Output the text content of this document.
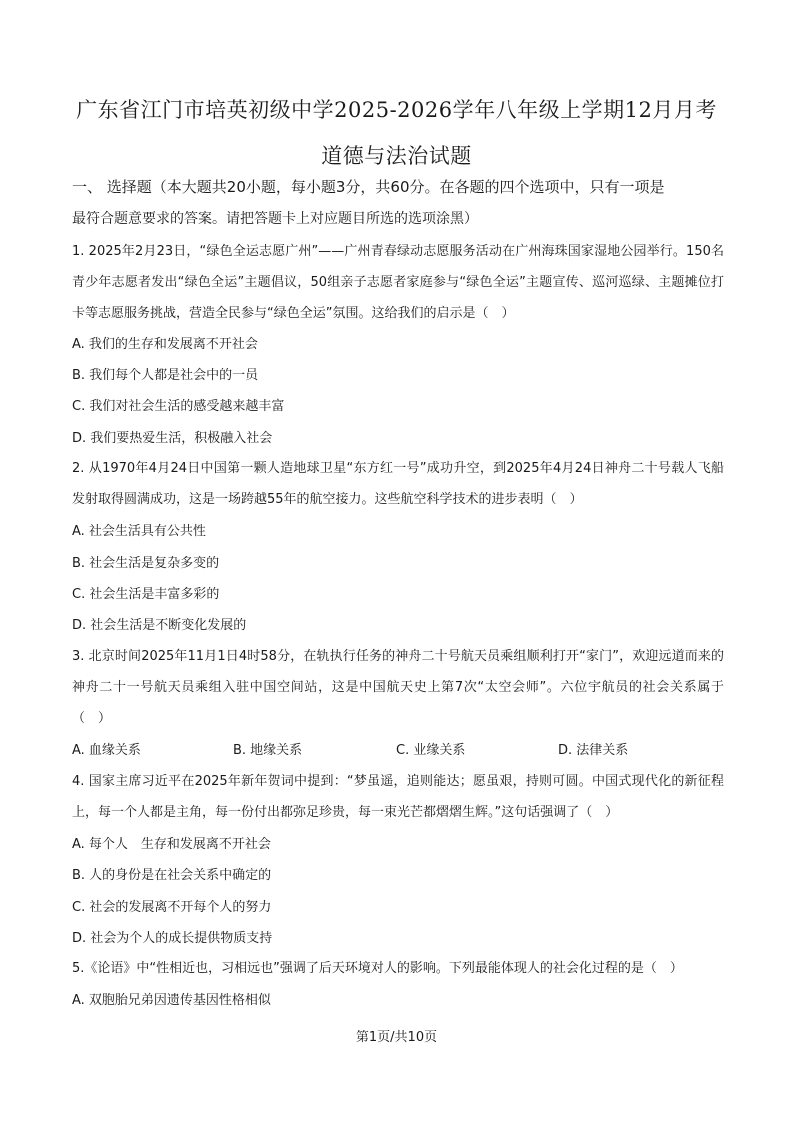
广东省江门市培英初级中学2025-2026学年八年级上学期12月月考
道德与法治试题
一、 选择题（本大题共20小题，每小题3分，共60分。在各题的四个选项中，只有一项是
最符合题意要求的答案。请把答题卡上对应题目所选的选项涂黑）
1. 2025年2月23日，“绿色全运志愿广州”——广州青春绿动志愿服务活动在广州海珠国家湿地公园举行。150名青少年志愿者发出“绿色全运”主题倡议，50组亲子志愿者家庭参与“绿色全运”主题宣传、巡河巡绿、主题摊位打卡等志愿服务挑战，营造全民参与“绿色全运”氛围。这给我们的启示是（　）
A. 我们的生存和发展离不开社会
B. 我们每个人都是社会中的一员
C. 我们对社会生活的感受越来越丰富
D. 我们要热爱生活，积极融入社会
2. 从1970年4月24日中国第一颗人造地球卫星“东方红一号”成功升空，到2025年4月24日神舟二十号载人飞船发射取得圆满成功，这是一场跨越55年的航空接力。这些航空科学技术的进步表明（　）
A. 社会生活具有公共性
B. 社会生活是复杂多变的
C. 社会生活是丰富多彩的
D. 社会生活是不断变化发展的
3. 北京时间2025年11月1日4时58分，在轨执行任务的神舟二十号航天员乘组顺利打开“家门”，欢迎远道而来的神舟二十一号航天员乘组入驻中国空间站，这是中国航天史上第7次“太空会师”。六位宇航员的社会关系属于（　）
A. 血缘关系	B. 地缘关系	C. 业缘关系	D. 法律关系
4. 国家主席习近平在2025年新年贺词中提到：“梦虽遥，追则能达；愿虽艰，持则可圆。中国式现代化的新征程上，每一个人都是主角，每一份付出都弥足珍贵，每一束光芒都熠熠生辉。”这句话强调了（　）
A. 每个人　生存和发展离不开社会
B. 人的身份是在社会关系中确定的
C. 社会的发展离不开每个人的努力
D. 社会为个人的成长提供物质支持
5.《论语》中“性相近也，习相远也”强调了后天环境对人的影响。下列最能体现人的社会化过程的是（　）
A. 双胞胎兄弟因遗传基因性格相似
第1页/共10页
